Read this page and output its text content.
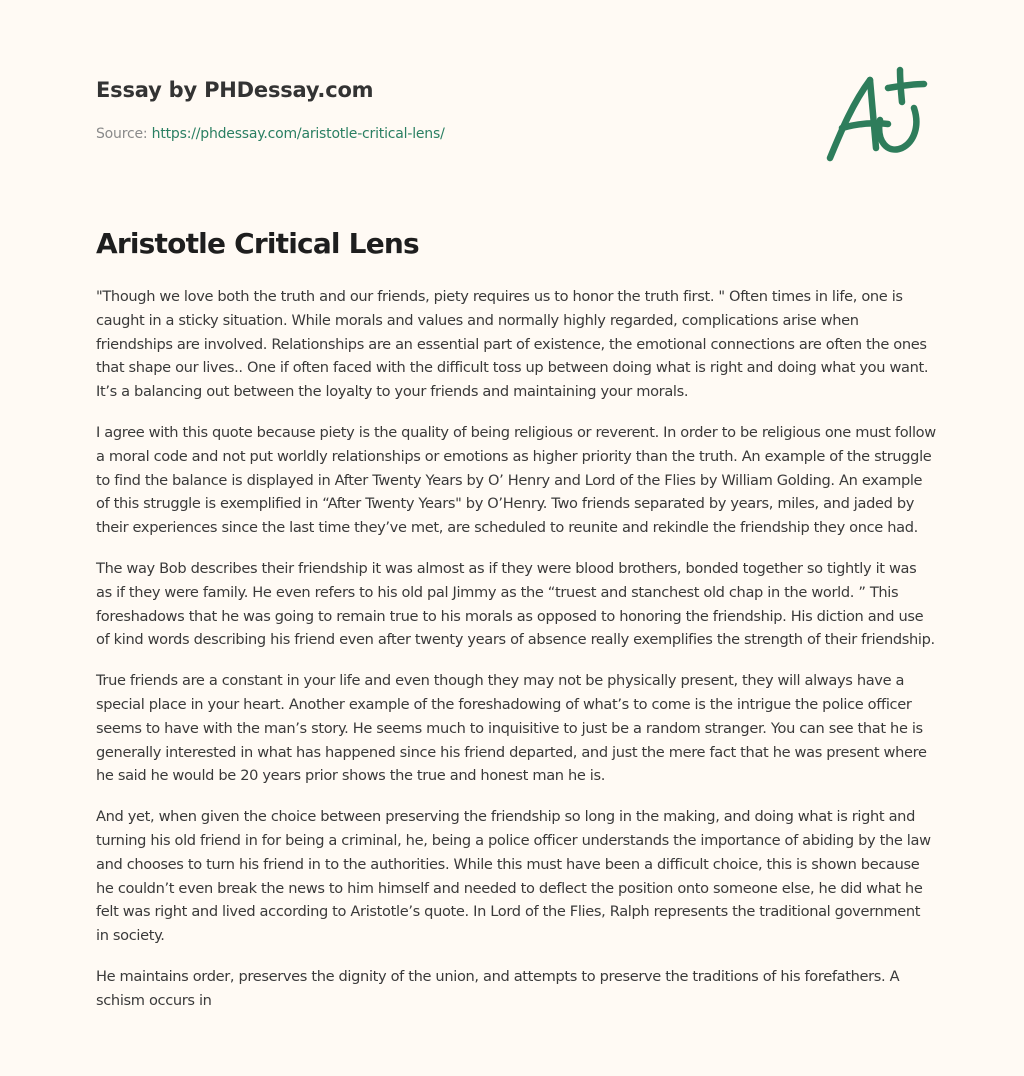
Essay by PHDessay.com
Source: https://phdessay.com/aristotle-critical-lens/
Aristotle Critical Lens

"Though we love both the truth and our friends, piety requires us to honor the truth first. " Often times in life, one is caught in a sticky situation. While morals and values and normally highly regarded, complications arise when friendships are involved. Relationships are an essential part of existence, the emotional connections are often the ones that shape our lives.. One if often faced with the difficult toss up between doing what is right and doing what you want. It’s a balancing out between the loyalty to your friends and maintaining your morals.

I agree with this quote because piety is the quality of being religious or reverent. In order to be religious one must follow a moral code and not put worldly relationships or emotions as higher priority than the truth. An example of the struggle to find the balance is displayed in After Twenty Years by O’ Henry and Lord of the Flies by William Golding. An example of this struggle is exemplified in “After Twenty Years" by O’Henry. Two friends separated by years, miles, and jaded by their experiences since the last time they’ve met, are scheduled to reunite and rekindle the friendship they once had.

The way Bob describes their friendship it was almost as if they were blood brothers, bonded together so tightly it was as if they were family. He even refers to his old pal Jimmy as the “truest and stanchest old chap in the world. ” This foreshadows that he was going to remain true to his morals as opposed to honoring the friendship. His diction and use of kind words describing his friend even after twenty years of absence really exemplifies the strength of their friendship.

True friends are a constant in your life and even though they may not be physically present, they will always have a special place in your heart. Another example of the foreshadowing of what’s to come is the intrigue the police officer seems to have with the man’s story. He seems much to inquisitive to just be a random stranger. You can see that he is generally interested in what has happened since his friend departed, and just the mere fact that he was present where he said he would be 20 years prior shows the true and honest man he is.

And yet, when given the choice between preserving the friendship so long in the making, and doing what is right and turning his old friend in for being a criminal, he, being a police officer understands the importance of abiding by the law and chooses to turn his friend in to the authorities. While this must have been a difficult choice, this is shown because he couldn’t even break the news to him himself and needed to deflect the position onto someone else, he did what he felt was right and lived according to Aristotle’s quote. In Lord of the Flies, Ralph represents the traditional government in society.

He maintains order, preserves the dignity of the union, and attempts to preserve the traditions of his forefathers. A schism occurs in
